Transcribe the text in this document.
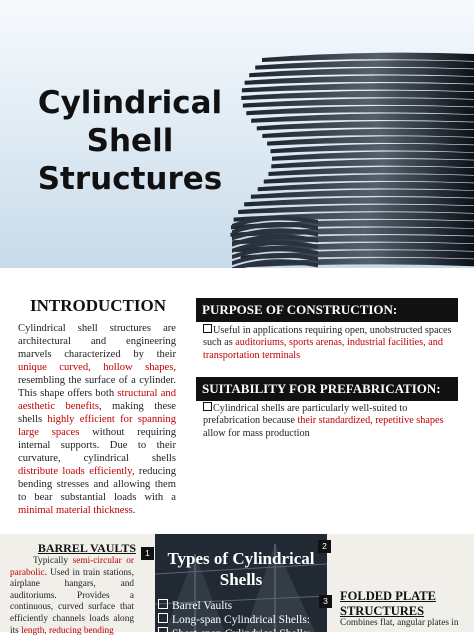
Cylindrical
Shell
Structures
INTRODUCTION

Cylindrical shell structures are architectural and engineering marvels characterized by their unique curved, hollow shapes, resembling the surface of a cylinder. This shape offers both structural and aesthetic benefits, making these shells highly efficient for spanning large spaces without requiring internal supports. Due to their curvature, cylindrical shells distribute loads efficiently, reducing bending stresses and allowing them to bear substantial loads with a minimal material thickness.

PURPOSE OF CONSTRUCTION:

Useful in applications requiring open, unobstructed spaces such as auditoriums, sports arenas, industrial facilities, and transportation terminals

SUITABILITY FOR PREFABRICATION:

Cylindrical shells are particularly well-suited to prefabrication because their standardized, repetitive shapes allow for mass production

BARREL VAULTS	1

Typically semi-circular or parabolic. Used in train stations, airplane hangars, and auditoriums. Provides a continuous, curved surface that efficiently channels loads along its length, reducing bending

2
Types of Cylindrical Shells
Barrel Vaults
Long-span Cylindrical Shells:
Short-span Cylindrical Shells:
3 FOLDED PLATE STRUCTURES

Combines flat, angular plates in
